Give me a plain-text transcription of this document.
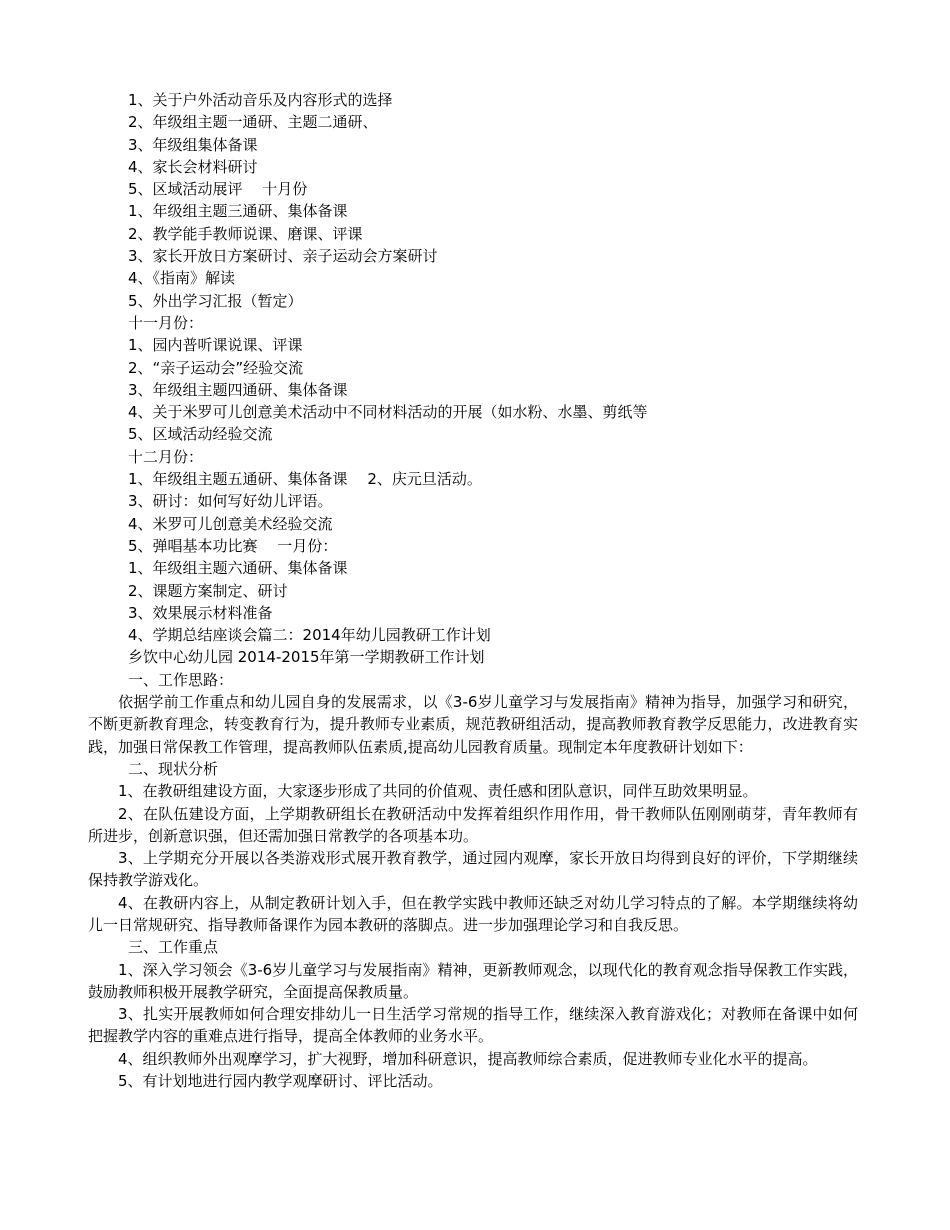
1、关于户外活动音乐及内容形式的选择
2、年级组主题一通研、主题二通研、
3、年级组集体备课
4、家长会材料研讨
5、区域活动展评　 十月份
1、年级组主题三通研、集体备课
2、教学能手教师说课、磨课、评课
3、家长开放日方案研讨、亲子运动会方案研讨
4、《指南》解读
5、外出学习汇报（暂定）
十一月份：
1、园内普听课说课、评课
2、“亲子运动会”经验交流
3、年级组主题四通研、集体备课
4、关于米罗可儿创意美术活动中不同材料活动的开展（如水粉、水墨、剪纸等
5、区域活动经验交流
十二月份：
1、年级组主题五通研、集体备课　 2、庆元旦活动。
3、研讨：如何写好幼儿评语。
4、米罗可儿创意美术经验交流
5、弹唱基本功比赛　 一月份：
1、年级组主题六通研、集体备课
2、课题方案制定、研讨
3、效果展示材料准备
4、学期总结座谈会篇二：2014年幼儿园教研工作计划
乡饮中心幼儿园 2014-2015年第一学期教研工作计划
一、工作思路：
依据学前工作重点和幼儿园自身的发展需求，以《3-6岁儿童学习与发展指南》精神为指导，加强学习和研究，不断更新教育理念，转变教育行为，提升教师专业素质，规范教研组活动，提高教师教育教学反思能力，改进教育实践，加强日常保教工作管理，提高教师队伍素质,提高幼儿园教育质量。现制定本年度教研计划如下：
二、现状分析
1、在教研组建设方面，大家逐步形成了共同的价值观、责任感和团队意识，同伴互助效果明显。
2、在队伍建设方面，上学期教研组长在教研活动中发挥着组织作用作用，骨干教师队伍刚刚萌芽，青年教师有所进步，创新意识强，但还需加强日常教学的各项基本功。
3、上学期充分开展以各类游戏形式展开教育教学，通过园内观摩，家长开放日均得到良好的评价，下学期继续保持教学游戏化。
4、在教研内容上，从制定教研计划入手，但在教学实践中教师还缺乏对幼儿学习特点的了解。本学期继续将幼儿一日常规研究、指导教师备课作为园本教研的落脚点。进一步加强理论学习和自我反思。
三、工作重点
1、深入学习领会《3-6岁儿童学习与发展指南》精神，更新教师观念，以现代化的教育观念指导保教工作实践，鼓励教师积极开展教学研究，全面提高保教质量。
3、扎实开展教师如何合理安排幼儿一日生活学习常规的指导工作，继续深入教育游戏化；对教师在备课中如何把握教学内容的重难点进行指导，提高全体教师的业务水平。
4、组织教师外出观摩学习，扩大视野，增加科研意识，提高教师综合素质，促进教师专业化水平的提高。
5、有计划地进行园内教学观摩研讨、评比活动。
